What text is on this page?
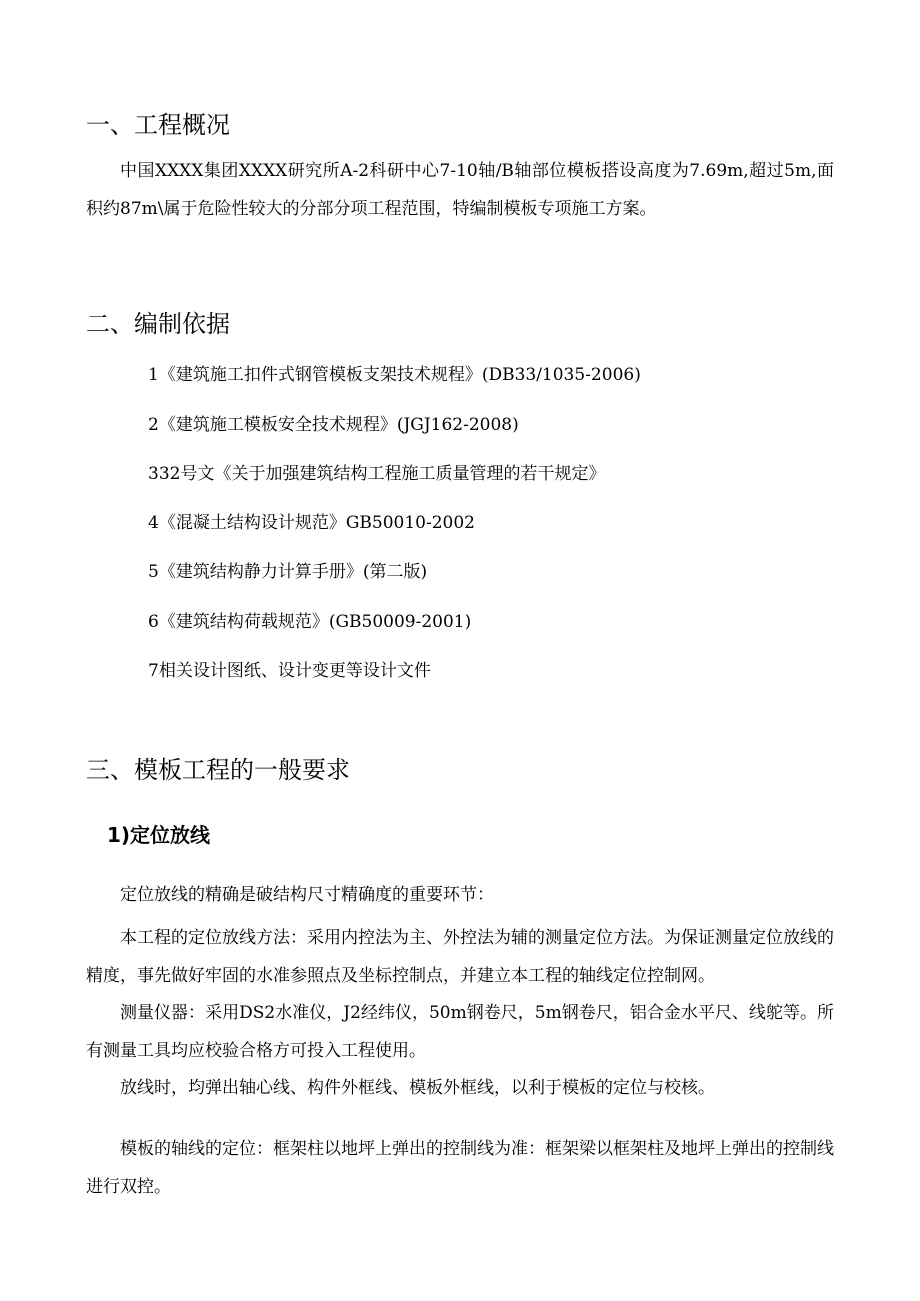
一、工程概况
中国XXXX集团XXXX研究所A-2科研中心7-10轴/B轴部位模板搭设高度为7.69m,超过5m,面积约87m\属于危险性较大的分部分项工程范围，特编制模板专项施工方案。
二、编制依据
1《建筑施工扣件式钢管模板支架技术规程》(DB33/1035-2006)
2《建筑施工模板安全技术规程》(JGJ162-2008)
332号文《关于加强建筑结构工程施工质量管理的若干规定》
4《混凝土结构设计规范》GB50010-2002
5《建筑结构静力计算手册》(第二版)
6《建筑结构荷载规范》(GB50009-2001)
7相关设计图纸、设计变更等设计文件
三、模板工程的一般要求
1)定位放线
定位放线的精确是破结构尺寸精确度的重要环节：
本工程的定位放线方法：采用内控法为主、外控法为辅的测量定位方法。为保证测量定位放线的精度，事先做好牢固的水准参照点及坐标控制点，并建立本工程的轴线定位控制网。
测量仪器：采用DS2水准仪，J2经纬仪，50m钢卷尺，5m钢卷尺，铝合金水平尺、线鸵等。所有测量工具均应校验合格方可投入工程使用。
放线时，均弹出轴心线、构件外框线、模板外框线，以利于模板的定位与校核。
模板的轴线的定位：框架柱以地坪上弹出的控制线为准：框架梁以框架柱及地坪上弹出的控制线进行双控。
